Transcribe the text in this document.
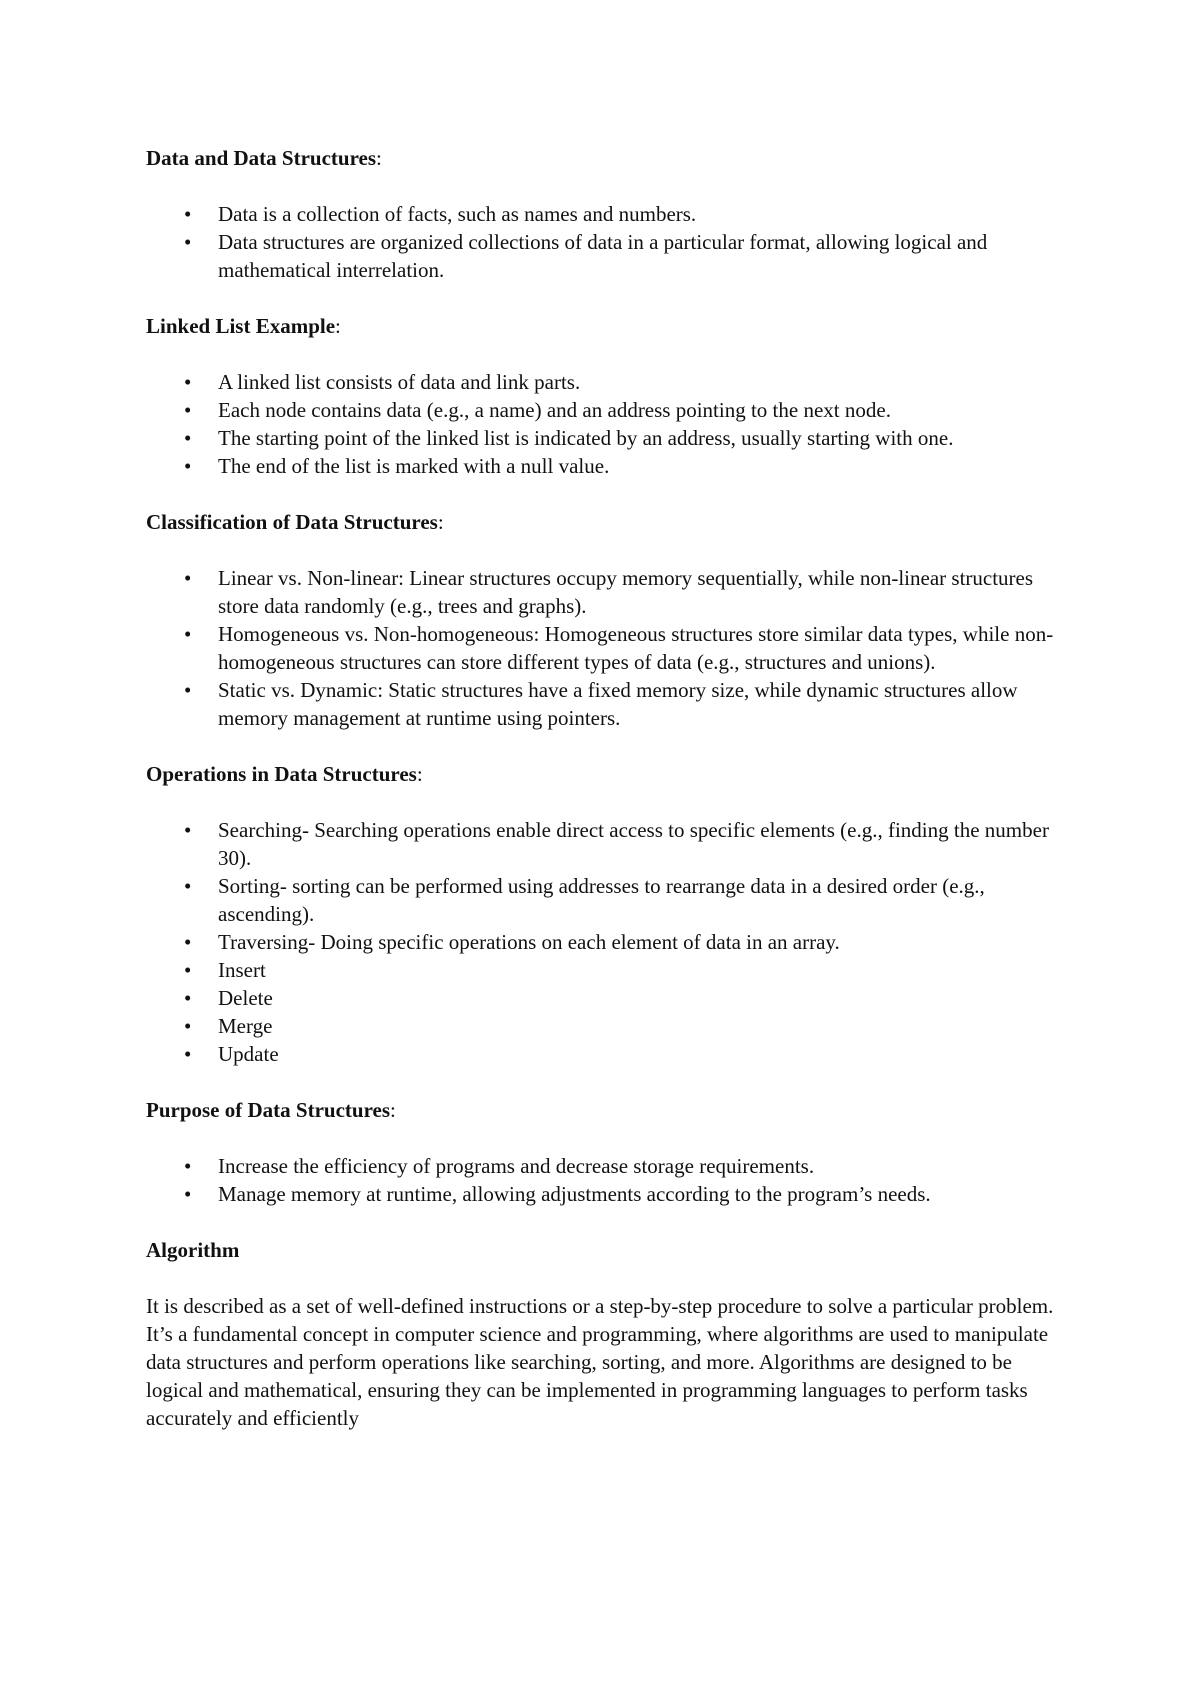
Data and Data Structures:

• Data is a collection of facts, such as names and numbers.
• Data structures are organized collections of data in a particular format, allowing logical and mathematical interrelation.

Linked List Example:

• A linked list consists of data and link parts.
• Each node contains data (e.g., a name) and an address pointing to the next node.
• The starting point of the linked list is indicated by an address, usually starting with one.
• The end of the list is marked with a null value.

Classification of Data Structures:

• Linear vs. Non-linear: Linear structures occupy memory sequentially, while non-linear structures store data randomly (e.g., trees and graphs).
• Homogeneous vs. Non-homogeneous: Homogeneous structures store similar data types, while non-homogeneous structures can store different types of data (e.g., structures and unions).
• Static vs. Dynamic: Static structures have a fixed memory size, while dynamic structures allow memory management at runtime using pointers.

Operations in Data Structures:

• Searching- Searching operations enable direct access to specific elements (e.g., finding the number 30).
• Sorting- sorting can be performed using addresses to rearrange data in a desired order (e.g., ascending).
• Traversing- Doing specific operations on each element of data in an array.
• Insert
• Delete
• Merge
• Update

Purpose of Data Structures:

• Increase the efficiency of programs and decrease storage requirements.
• Manage memory at runtime, allowing adjustments according to the program’s needs.

Algorithm

It is described as a set of well-defined instructions or a step-by-step procedure to solve a particular problem. It’s a fundamental concept in computer science and programming, where algorithms are used to manipulate data structures and perform operations like searching, sorting, and more. Algorithms are designed to be logical and mathematical, ensuring they can be implemented in programming languages to perform tasks accurately and efficiently
